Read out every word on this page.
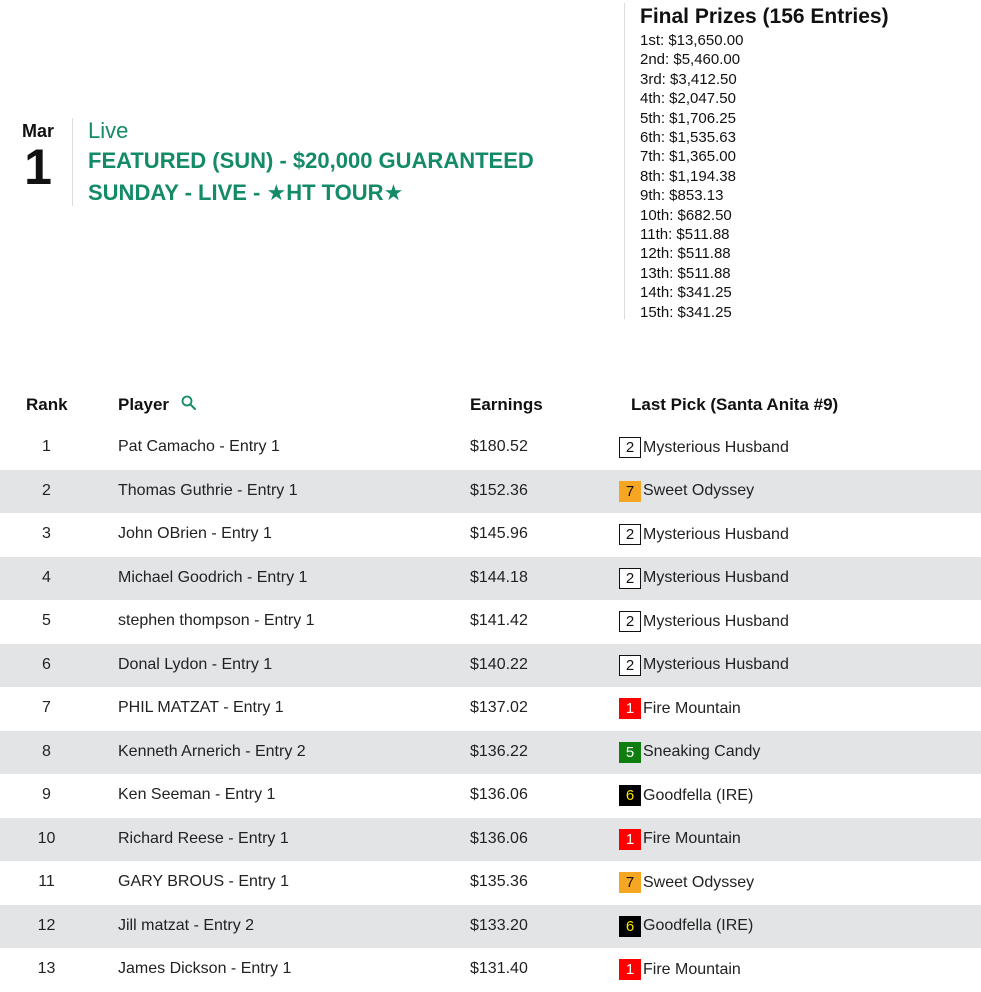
Mar
1
Live
FEATURED (SUN) - $20,000 GUARANTEED
SUNDAY - LIVE - ★HT TOUR★
Final Prizes (156 Entries)
1st: $13,650.00
2nd: $5,460.00
3rd: $3,412.50
4th: $2,047.50
5th: $1,706.25
6th: $1,535.63
7th: $1,365.00
8th: $1,194.38
9th: $853.13
10th: $682.50
11th: $511.88
12th: $511.88
13th: $511.88
14th: $341.25
15th: $341.25
Rank	Player	Earnings	Last Pick (Santa Anita #9)
1	Pat Camacho - Entry 1	$180.52	2 Mysterious Husband
2	Thomas Guthrie - Entry 1	$152.36	7 Sweet Odyssey
3	John OBrien - Entry 1	$145.96	2 Mysterious Husband
4	Michael Goodrich - Entry 1	$144.18	2 Mysterious Husband
5	stephen thompson - Entry 1	$141.42	2 Mysterious Husband
6	Donal Lydon - Entry 1	$140.22	2 Mysterious Husband
7	PHIL MATZAT - Entry 1	$137.02	1 Fire Mountain
8	Kenneth Arnerich - Entry 2	$136.22	5 Sneaking Candy
9	Ken Seeman - Entry 1	$136.06	6 Goodfella (IRE)
10	Richard Reese - Entry 1	$136.06	1 Fire Mountain
11	GARY BROUS - Entry 1	$135.36	7 Sweet Odyssey
12	Jill matzat - Entry 2	$133.20	6 Goodfella (IRE)
13	James Dickson - Entry 1	$131.40	1 Fire Mountain
